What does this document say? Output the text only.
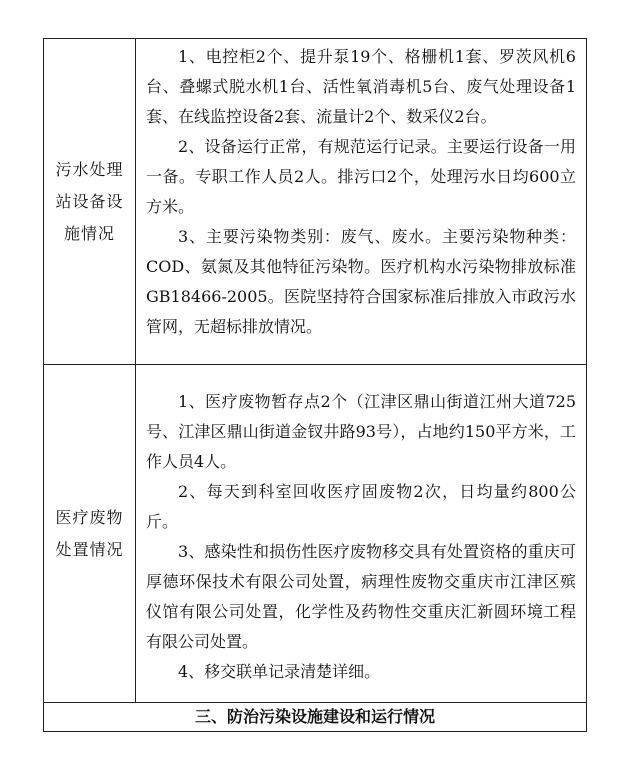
污水处理站设备设施情况	1、电控柜2个、提升泵19个、格栅机1套、罗茨风机6台、叠螺式脱水机1台、活性氧消毒机5台、废气处理设备1套、在线监控设备2套、流量计2个、数采仪2台。

2、设备运行正常，有规范运行记录。主要运行设备一用一备。专职工作人员2人。排污口2个，处理污水日均600立方米。

3、主要污染物类别：废气、废水。主要污染物种类：COD、氨氮及其他特征污染物。医疗机构水污染物排放标准GB18466-2005。医院坚持符合国家标准后排放入市政污水管网，无超标排放情况。

医疗废物处置情况	1、医疗废物暂存点2个（江津区鼎山街道江州大道725号、江津区鼎山街道金钗井路93号），占地约150平方米，工作人员4人。

2、每天到科室回收医疗固废物2次，日均量约800公斤。

3、感染性和损伤性医疗废物移交具有处置资格的重庆可厚德环保技术有限公司处置，病理性废物交重庆市江津区殡仪馆有限公司处置，化学性及药物性交重庆汇新圆环境工程有限公司处置。

4、移交联单记录清楚详细。

三、防治污染设施建设和运行情况	
